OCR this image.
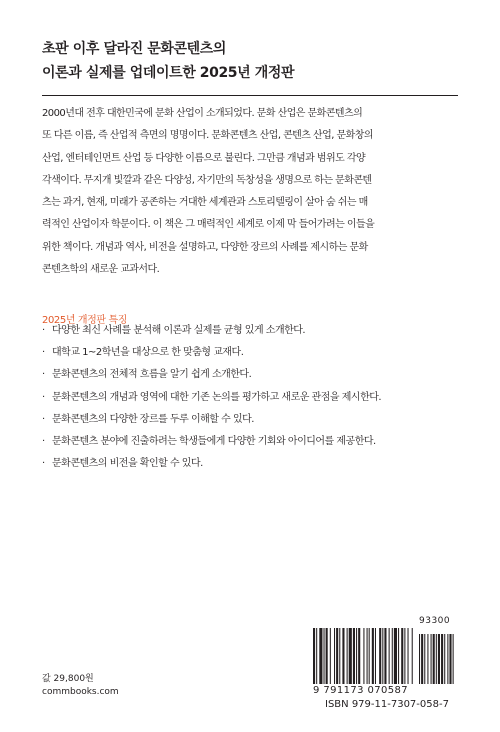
초판 이후 달라진 문화콘텐츠의
이론과 실제를 업데이트한 2025년 개정판
2000년대 전후 대한민국에 문화 산업이 소개되었다. 문화 산업은 문화콘텐츠의
또 다른 이름, 즉 산업적 측면의 명명이다. 문화콘텐츠 산업, 콘텐츠 산업, 문화창의
산업, 엔터테인먼트 산업 등 다양한 이름으로 불린다. 그만큼 개념과 범위도 각양
각색이다. 무지개 빛깔과 같은 다양성, 자기만의 독창성을 생명으로 하는 문화콘텐
츠는 과거, 현재, 미래가 공존하는 거대한 세계관과 스토리텔링이 살아 숨 쉬는 매
력적인 산업이자 학문이다. 이 책은 그 매력적인 세계로 이제 막 들어가려는 이들을
위한 책이다. 개념과 역사, 비전을 설명하고, 다양한 장르의 사례를 제시하는 문화
콘텐츠학의 새로운 교과서다.
2025년 개정판 특징
· 다양한 최신 사례를 분석해 이론과 실제를 균형 있게 소개한다.
· 대학교 1~2학년을 대상으로 한 맞춤형 교재다.
· 문화콘텐츠의 전체적 흐름을 알기 쉽게 소개한다.
· 문화콘텐츠의 개념과 영역에 대한 기존 논의를 평가하고 새로운 관점을 제시한다.
· 문화콘텐츠의 다양한 장르를 두루 이해할 수 있다.
· 문화콘텐츠 분야에 진출하려는 학생들에게 다양한 기회와 아이디어를 제공한다.
· 문화콘텐츠의 비전을 확인할 수 있다.
값 29,800원
commbooks.com
93300
9 791173 070587
ISBN 979-11-7307-058-7
